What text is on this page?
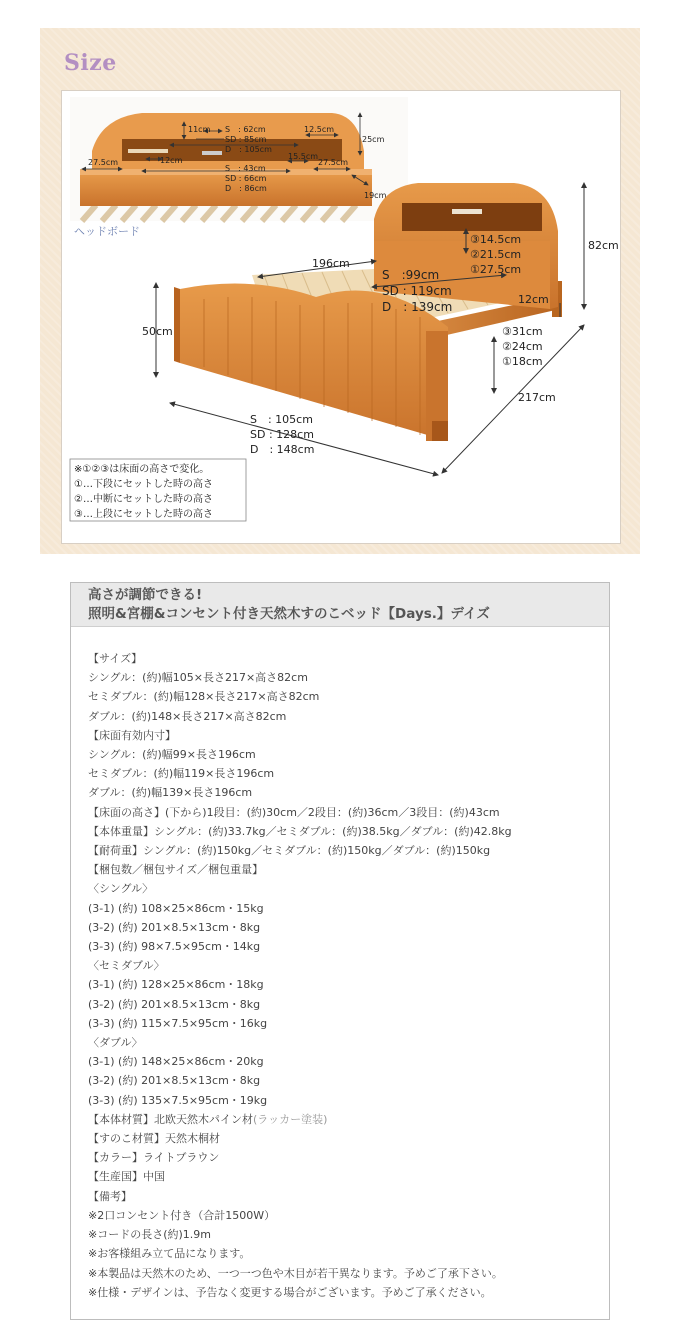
Size
11cm S　: 62cm
SD : 85cm
D　: 105cm
12.5cm
25cm
27.5cm	12cm
S　: 43cm
SD : 66cm
D　: 86cm
15.5cm
27.5cm
19cm
ヘッドボード
③14.5cm
②21.5cm
①27.5cm
82cm
196cm
S　:99cm
SD : 119cm
D　: 139cm
12cm
③31cm
②24cm
①18cm
50cm
217cm
S　: 105cm
SD : 128cm
D　: 148cm
※①②③は床面の高さで変化。
①…下段にセットした時の高さ
②…中断にセットした時の高さ
③…上段にセットした時の高さ
高さが調節できる!
照明&宮棚&コンセント付き天然木すのこベッド【Days.】デイズ
【サイズ】
シングル：(約)幅105×長さ217×高さ82cm
セミダブル：(約)幅128×長さ217×高さ82cm
ダブル：(約)148×長さ217×高さ82cm
【床面有効内寸】
シングル：(約)幅99×長さ196cm
セミダブル：(約)幅119×長さ196cm
ダブル：(約)幅139×長さ196cm
【床面の高さ】(下から)1段目：(約)30cm／2段目：(約)36cm／3段目：(約)43cm
【本体重量】シングル：(約)33.7kg／セミダブル：(約)38.5kg／ダブル：(約)42.8kg
【耐荷重】シングル：(約)150kg／セミダブル：(約)150kg／ダブル：(約)150kg
【梱包数／梱包サイズ／梱包重量】
〈シングル〉
(3-1) (約) 108×25×86cm・15kg
(3-2) (約) 201×8.5×13cm・8kg
(3-3) (約) 98×7.5×95cm・14kg
〈セミダブル〉
(3-1) (約) 128×25×86cm・18kg
(3-2) (約) 201×8.5×13cm・8kg
(3-3) (約) 115×7.5×95cm・16kg
〈ダブル〉
(3-1) (約) 148×25×86cm・20kg
(3-2) (約) 201×8.5×13cm・8kg
(3-3) (約) 135×7.5×95cm・19kg
【本体材質】北欧天然木パイン材(ラッカー塗装)
【すのこ材質】天然木桐材
【カラー】ライトブラウン
【生産国】中国
【備考】
※2口コンセント付き（合計1500W）
※コードの長さ(約)1.9m
※お客様組み立て品になります。
※本製品は天然木のため、一つ一つ色や木目が若干異なります。予めご了承下さい。
※仕様・デザインは、予告なく変更する場合がございます。予めご了承ください。
